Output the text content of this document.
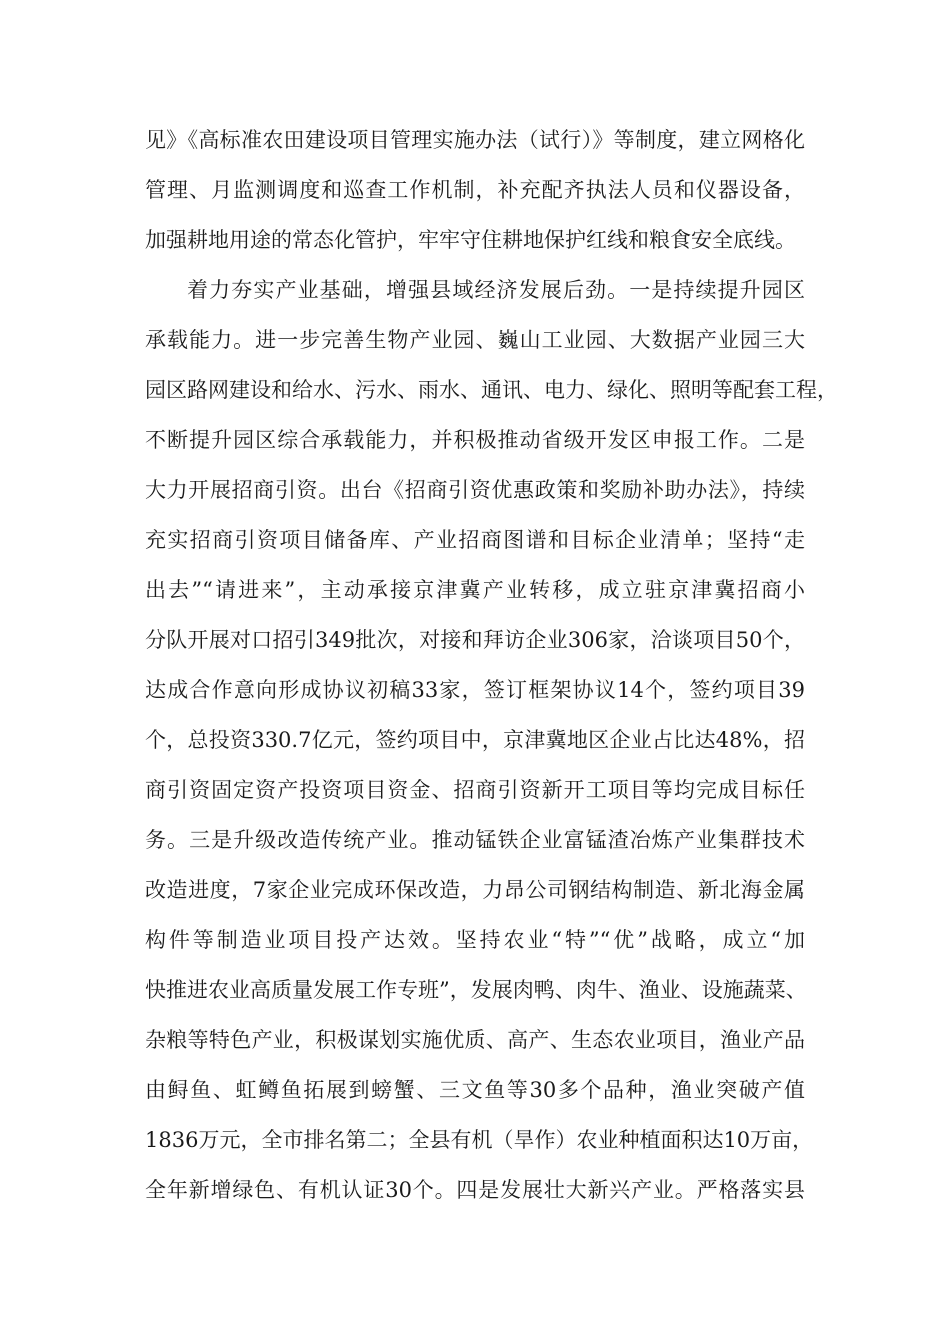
见》《高标准农田建设项目管理实施办法（试行）》等制度，建立网格化
管理、月监测调度和巡查工作机制，补充配齐执法人员和仪器设备，
加强耕地用途的常态化管护，牢牢守住耕地保护红线和粮食安全底线。
着力夯实产业基础，增强县域经济发展后劲。一是持续提升园区
承载能力。进一步完善生物产业园、巍山工业园、大数据产业园三大
园区路网建设和给水、污水、雨水、通讯、电力、绿化、照明等配套工程，
不断提升园区综合承载能力，并积极推动省级开发区申报工作。二是
大力开展招商引资。出台《招商引资优惠政策和奖励补助办法》，持续
充实招商引资项目储备库、产业招商图谱和目标企业清单；坚持“走
出去”“请进来”，主动承接京津冀产业转移，成立驻京津冀招商小
分队开展对口招引349批次，对接和拜访企业306家，洽谈项目50个，
达成合作意向形成协议初稿33家，签订框架协议14个，签约项目39
个，总投资330.7亿元，签约项目中，京津冀地区企业占比达48%，招
商引资固定资产投资项目资金、招商引资新开工项目等均完成目标任
务。三是升级改造传统产业。推动锰铁企业富锰渣冶炼产业集群技术
改造进度，7家企业完成环保改造，力昂公司钢结构制造、新北海金属
构件等制造业项目投产达效。坚持农业“特”“优”战略，成立“加
快推进农业高质量发展工作专班”，发展肉鸭、肉牛、渔业、设施蔬菜、
杂粮等特色产业，积极谋划实施优质、高产、生态农业项目，渔业产品
由鲟鱼、虹鳟鱼拓展到螃蟹、三文鱼等30多个品种，渔业突破产值
1836万元，全市排名第二；全县有机（旱作）农业种植面积达10万亩，
全年新增绿色、有机认证30个。四是发展壮大新兴产业。严格落实县
